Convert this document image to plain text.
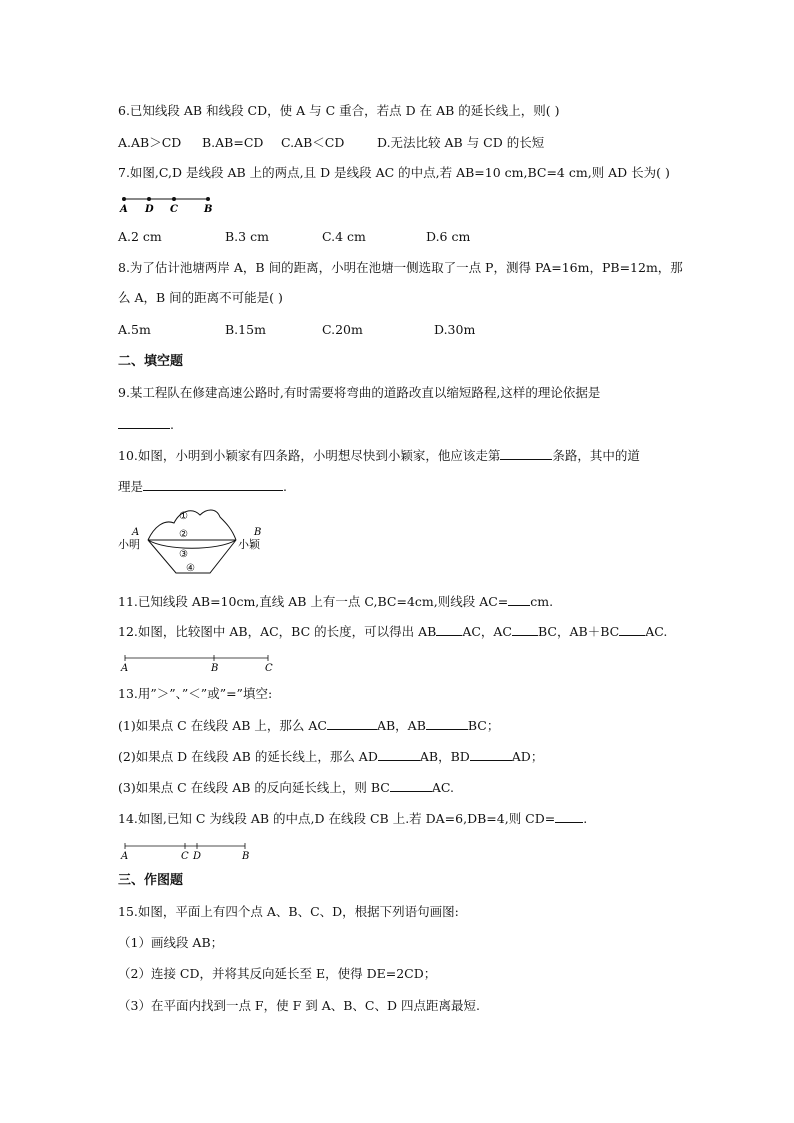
6.已知线段 AB 和线段 CD，使 A 与 C 重合，若点 D 在 AB 的延长线上，则( )
A.AB＞CD B.AB=CD C.AB＜CD	D.无法比较 AB 与 CD 的长短
7.如图,C,D 是线段 AB 上的两点,且 D 是线段 AC 的中点,若 AB=10 cm,BC=4 cm,则 AD 长为( )
A D C	B
A.2 cm	B.3 cm	C.4 cm	D.6 cm
8.为了估计池塘两岸 A，B 间的距离，小明在池塘一侧选取了一点 P，测得 PA=16m，PB=12m，那
么 A，B 间的距离不可能是( )
A.5m	B.15m	C.20m	D.30m
二、填空题
9.某工程队在修建高速公路时,有时需要将弯曲的道路改直以缩短路程,这样的理论依据是
.
10.如图，小明到小颖家有四条路，小明想尽快到小颖家，他应该走第	条路，其中的道
理是	.
①
②
③
④
A	B
小明	小颖
11.已知线段 AB=10cm,直线 AB 上有一点 C,BC=4cm,则线段 AC= cm.
12.如图，比较图中 AB，AC，BC 的长度，可以得出 AB AC，AC BC，AB＋BC AC.
A	B	C
13.用”＞”、”＜”或”=”填空:
(1)如果点 C 在线段 AB 上，那么 AC	AB，AB	BC；
(2)如果点 D 在线段 AB 的延长线上，那么 AD	AB，BD	AD；
(3)如果点 C 在线段 AB 的反向延长线上，则 BC	AC.
14.如图,已知 C 为线段 AB 的中点,D 在线段 CB 上.若 DA=6,DB=4,则 CD= .
A	C D	B
三、作图题
15.如图，平面上有四个点 A、B、C、D，根据下列语句画图:
（1）画线段 AB；
（2）连接 CD，并将其反向延长至 E，使得 DE=2CD；
（3）在平面内找到一点 F，使 F 到 A、B、C、D 四点距离最短.
